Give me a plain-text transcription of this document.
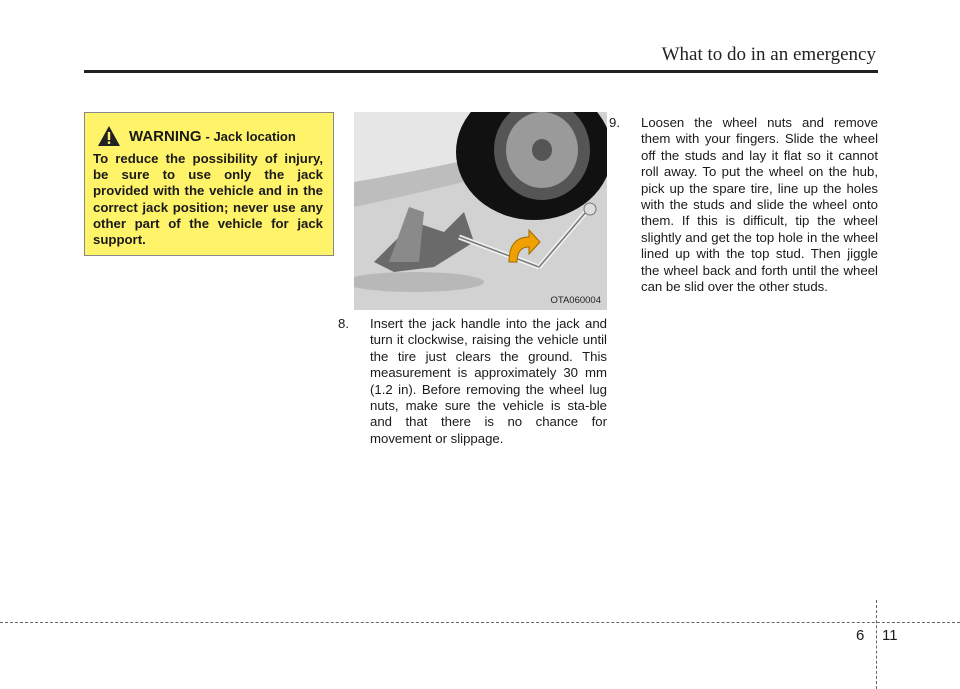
What to do in an emergency
WARNING - Jack location
To reduce the possibility of injury, be sure to use only the jack provided with the vehicle and in the correct jack position; never use any other part of the vehicle for jack support.
OTA060004
8. Insert the jack handle into the jack and turn it clockwise, raising the vehicle until the tire just clears the ground. This measurement is approximately 30 mm (1.2 in). Before removing the wheel lug nuts, make sure the vehicle is sta-ble and that there is no chance for movement or slippage.
9. Loosen the wheel nuts and remove them with your fingers. Slide the wheel off the studs and lay it flat so it cannot roll away. To put the wheel on the hub, pick up the spare tire, line up the holes with the studs and slide the wheel onto them. If this is difficult, tip the wheel slightly and get the top hole in the wheel lined up with the top stud. Then jiggle the wheel back and forth until the wheel can be slid over the other studs.
6 11
